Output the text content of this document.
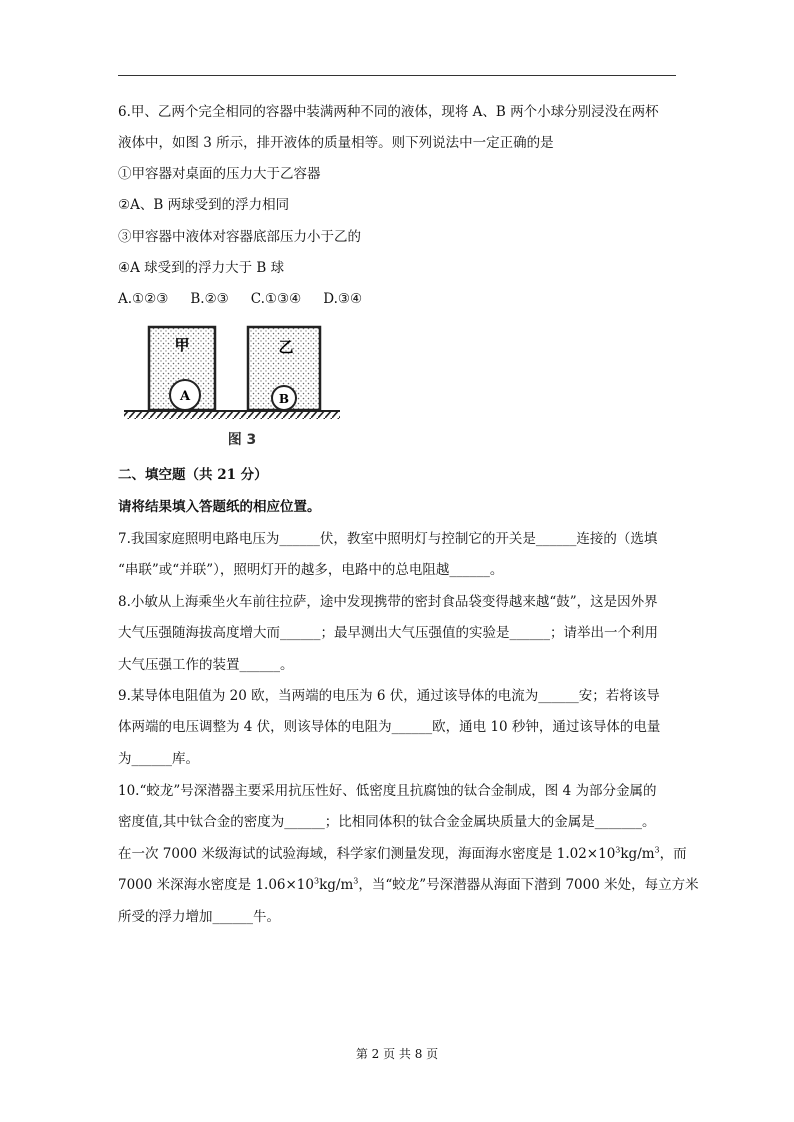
6.甲、乙两个完全相同的容器中装满两种不同的液体，现将 A、B 两个小球分别浸没在两杯
液体中，如图 3 所示，排开液体的质量相等。则下列说法中一定正确的是
①甲容器对桌面的压力大于乙容器
②A、B 两球受到的浮力相同
③甲容器中液体对容器底部压力小于乙的
④A 球受到的浮力大于 B 球
A.①②③ B.②③ C.①③④ D.③④
甲
A
乙
B
图 3
二、填空题（共 21 分）
请将结果填入答题纸的相应位置。
7.我国家庭照明电路电压为______伏，教室中照明灯与控制它的开关是______连接的（选填
“串联”或“并联”），照明灯开的越多，电路中的总电阻越______。
8.小敏从上海乘坐火车前往拉萨，途中发现携带的密封食品袋变得越来越“鼓”，这是因外界
大气压强随海拔高度增大而______；最早测出大气压强值的实验是______；请举出一个利用
大气压强工作的装置______。
9.某导体电阻值为 20 欧，当两端的电压为 6 伏，通过该导体的电流为______安；若将该导
体两端的电压调整为 4 伏，则该导体的电阻为______欧，通电 10 秒钟，通过该导体的电量
为______库。
10.“蛟龙”号深潜器主要采用抗压性好、低密度且抗腐蚀的钛合金制成，图 4 为部分金属的
密度值,其中钛合金的密度为______；比相同体积的钛合金金属块质量大的金属是_______。
在一次 7000 米级海试的试验海域，科学家们测量发现，海面海水密度是 $1.02\times 10^3kg/m^3$，而
7000 米深海水密度是 $1.06\times 10^3kg/m^3$，当“蛟龙”号深潜器从海面下潜到 7000 米处，每立方米
所受的浮力增加______牛。
第 2 页 共 8 页
